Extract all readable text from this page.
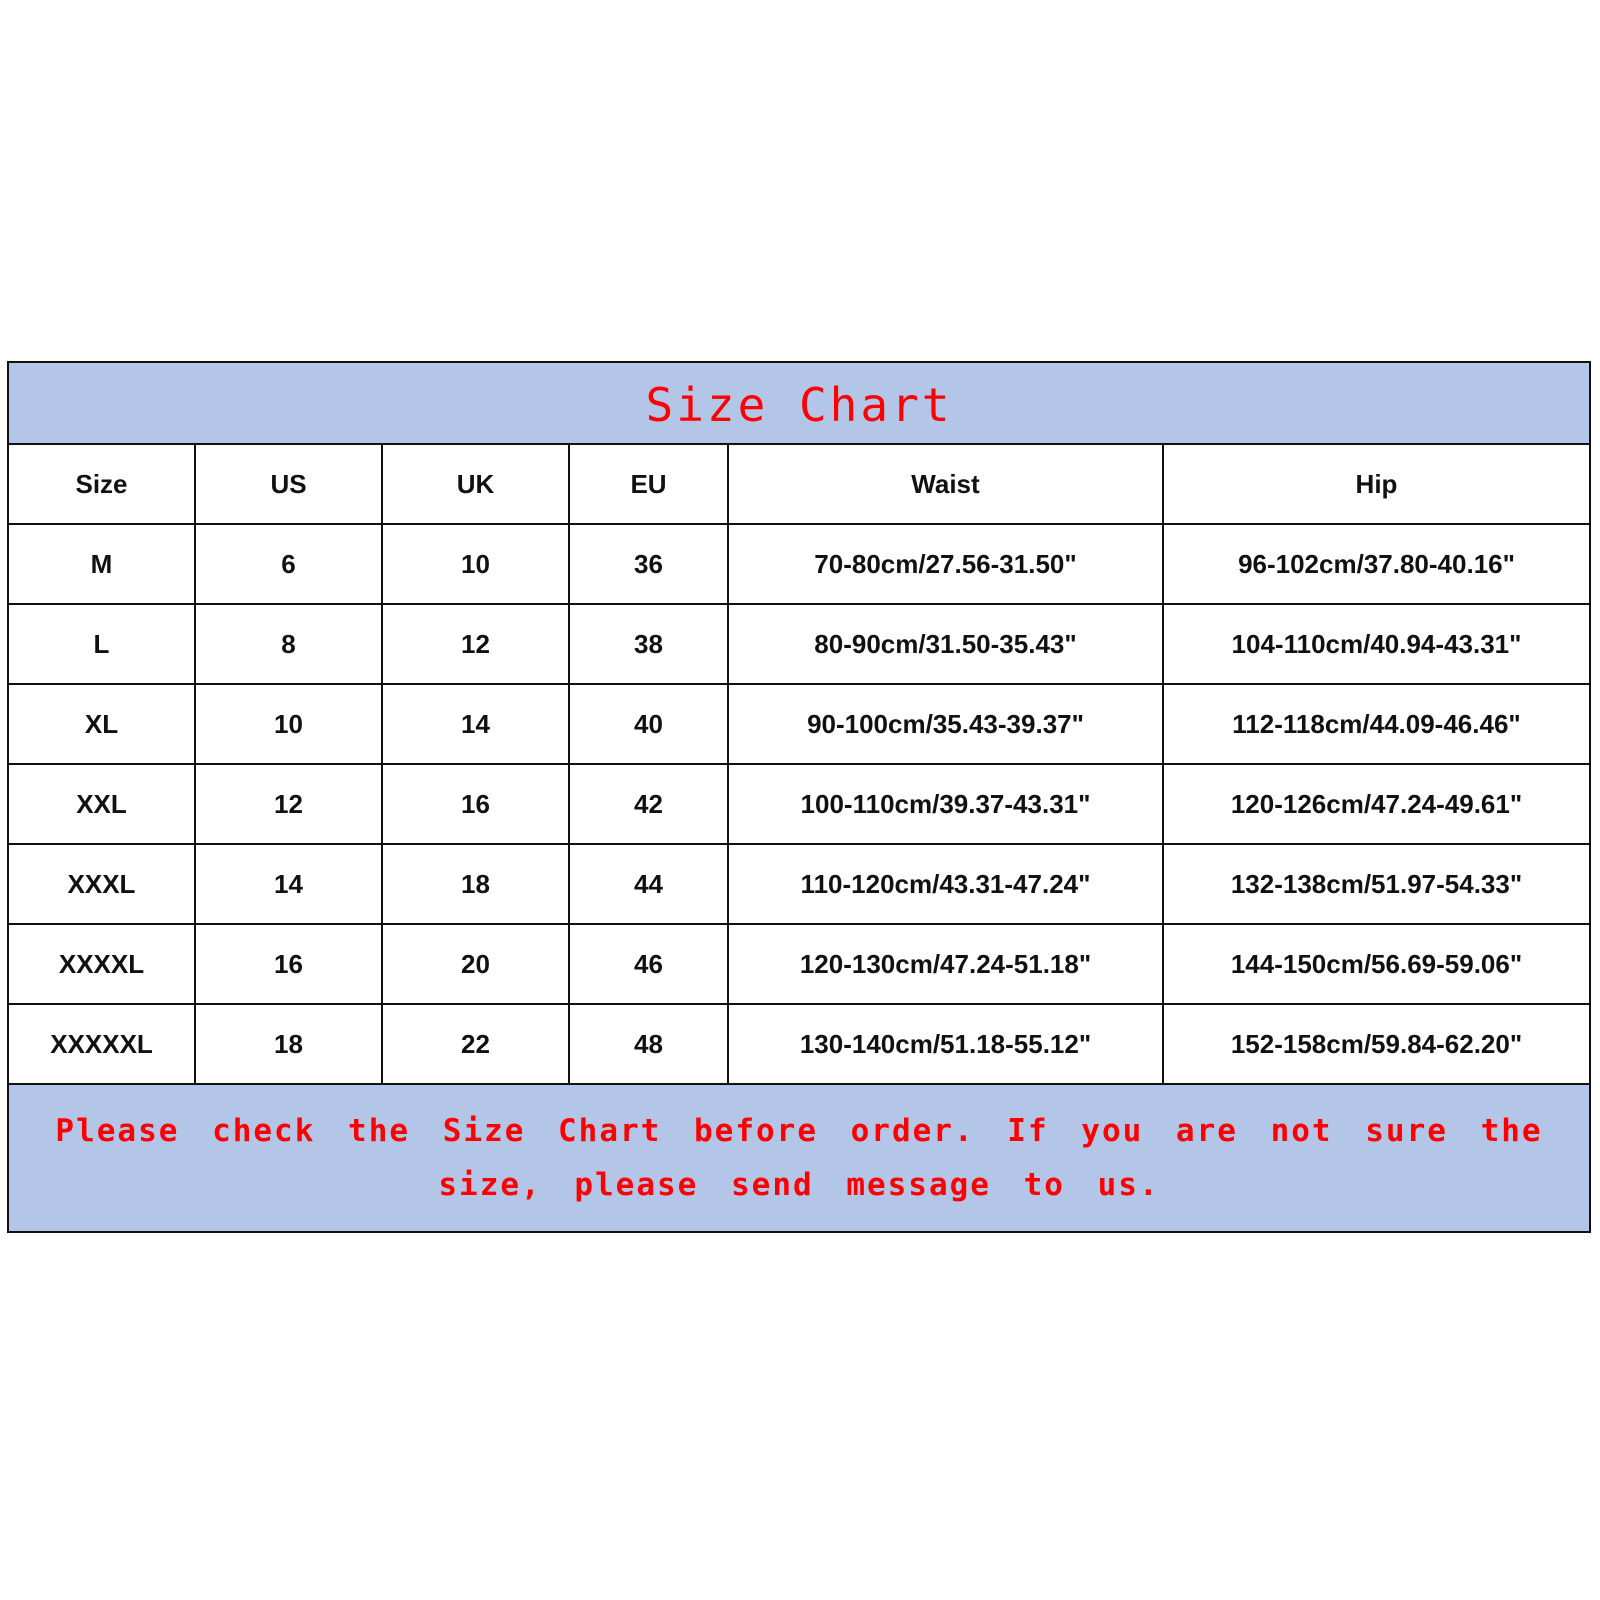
Size Chart
Size	US	UK	EU	Waist	Hip
M	6	10	36	70-80cm/27.56-31.50"	96-102cm/37.80-40.16"
L	8	12	38	80-90cm/31.50-35.43"	104-110cm/40.94-43.31"
XL	10	14	40	90-100cm/35.43-39.37"	112-118cm/44.09-46.46"
XXL	12	16	42	100-110cm/39.37-43.31"	120-126cm/47.24-49.61"
XXXL	14	18	44	110-120cm/43.31-47.24"	132-138cm/51.97-54.33"
XXXXL	16	20	46	120-130cm/47.24-51.18"	144-150cm/56.69-59.06"
XXXXXL	18	22	48	130-140cm/51.18-55.12"	152-158cm/59.84-62.20"
Please check the Size Chart before order. If you are not sure the size, please send message to us.
